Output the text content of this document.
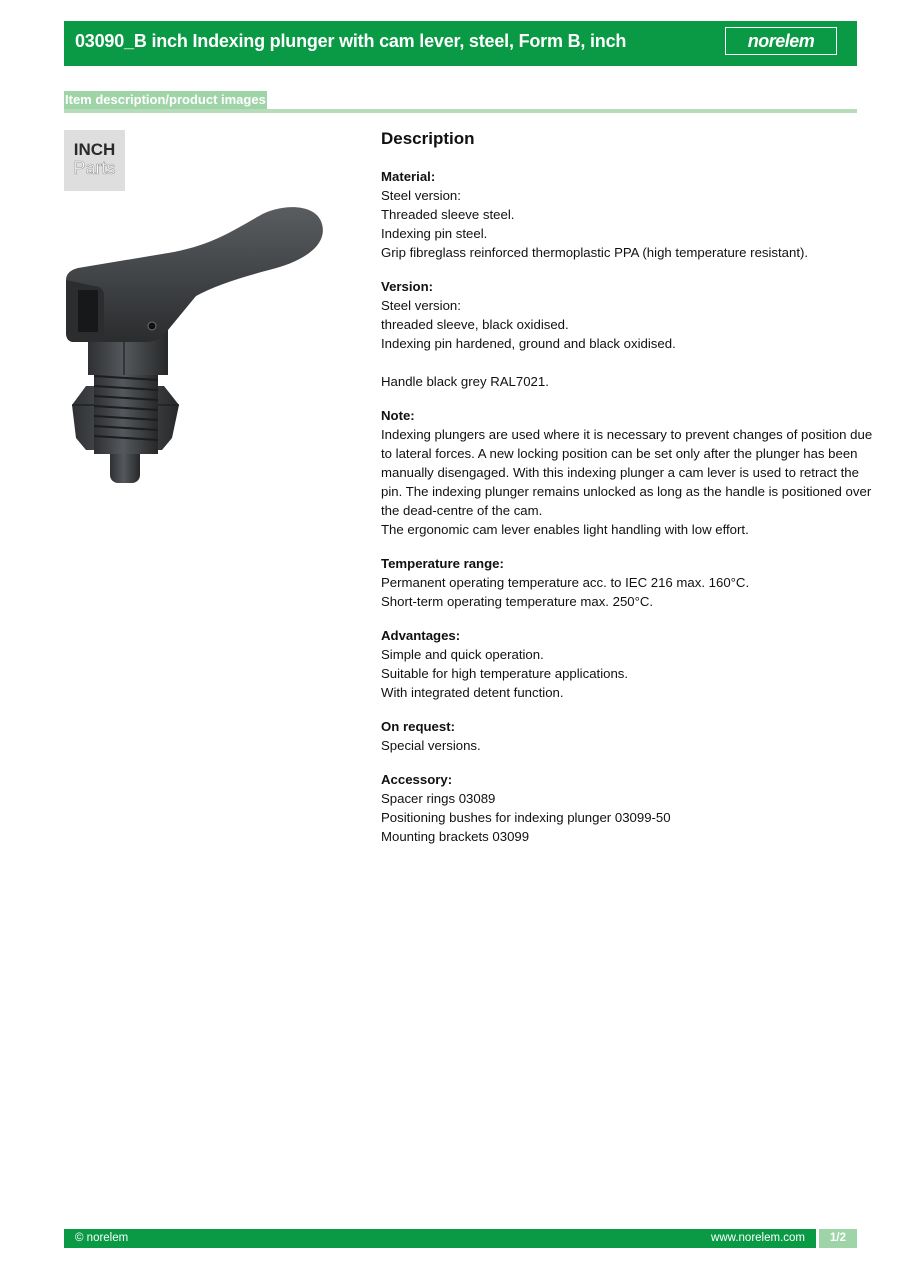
03090_B inch Indexing plunger with cam lever, steel, Form B, inch	norelem
Item description/product images
INCH
Parts
Description
Material:
Steel version:
Threaded sleeve steel.
Indexing pin steel.
Grip fibreglass reinforced thermoplastic PPA (high temperature resistant).
Version:
Steel version:
threaded sleeve, black oxidised.
Indexing pin hardened, ground and black oxidised.
Handle black grey RAL7021.
Note:
Indexing plungers are used where it is necessary to prevent changes of position due
to lateral forces. A new locking position can be set only after the plunger has been
manually disengaged. With this indexing plunger a cam lever is used to retract the
pin. The indexing plunger remains unlocked as long as the handle is positioned over
the dead-centre of the cam.
The ergonomic cam lever enables light handling with low effort.
Temperature range:
Permanent operating temperature acc. to IEC 216 max. 160°C.
Short-term operating temperature max. 250°C.
Advantages:
Simple and quick operation.
Suitable for high temperature applications.
With integrated detent function.
On request:
Special versions.
Accessory:
Spacer rings 03089
Positioning bushes for indexing plunger 03099-50
Mounting brackets 03099
© norelem	www.norelem.com	1/2
